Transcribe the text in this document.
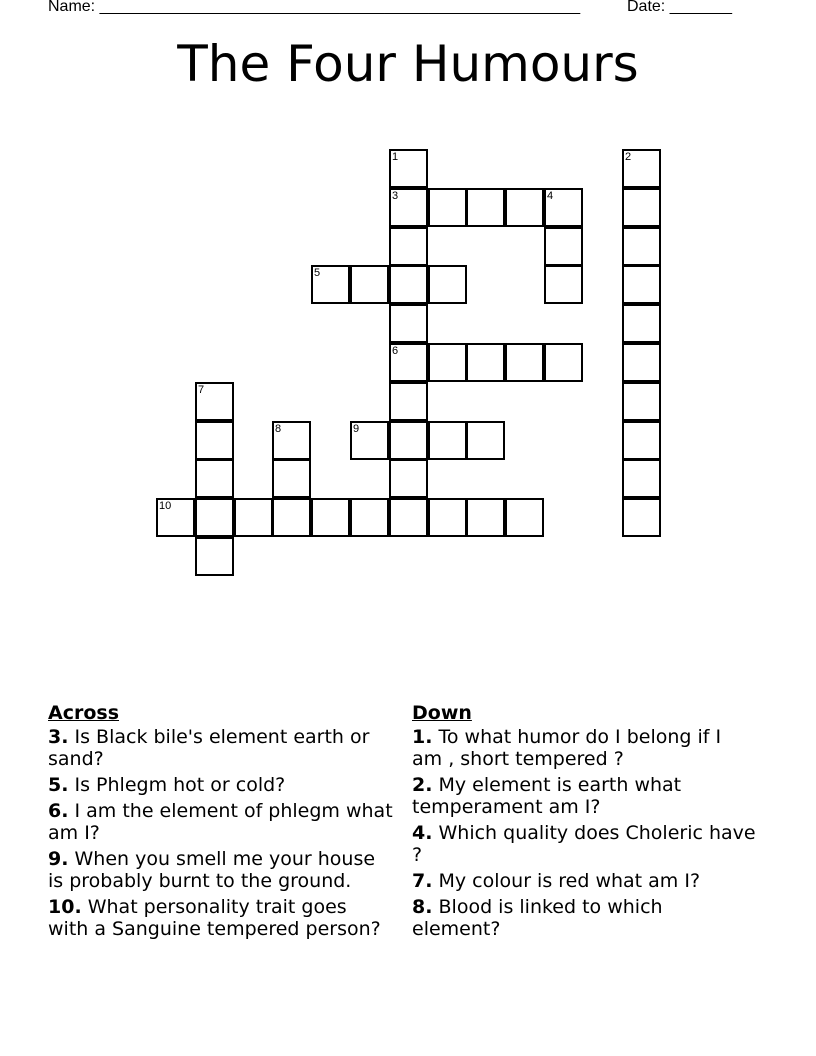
Name: ______________________________________________________	Date: _______
The Four Humours
1	2
3	4
5
6
7
8	9
10
Across
3. Is Black bile's element earth or sand?
5. Is Phlegm hot or cold?
6. I am the element of phlegm what am I?
9. When you smell me your house is probably burnt to the ground.
10. What personality trait goes with a Sanguine tempered person?
Down
1. To what humor do I belong if I am , short tempered ?
2. My element is earth what temperament am I?
4. Which quality does Choleric have ?
7. My colour is red what am I?
8. Blood is linked to which element?
